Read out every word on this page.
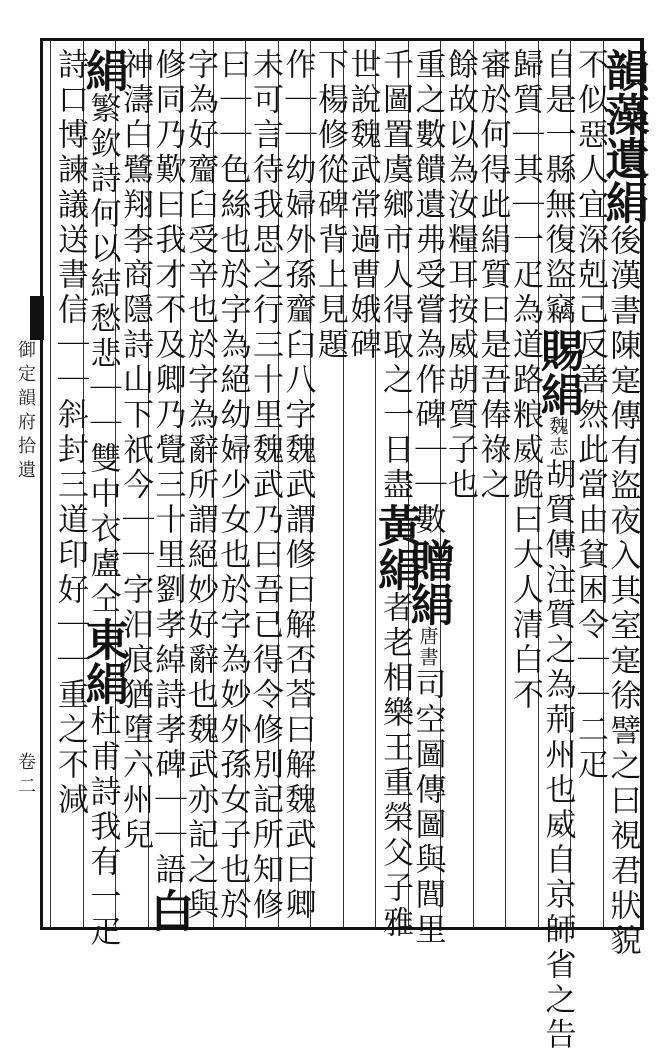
韻藻遺絹後漢書陳寔傳有盜夜入其室寔徐譬之曰視君狀貌
不似惡人宜深剋己反善然此當由貧困令｜｜二疋
自是一縣無復盜竊賜絹魏志胡質傳注質之為荊州也威自京師省之告
歸質｜其｜一疋為道路粮威跪曰大人清白不
審於何得此絹質曰是吾俸祿之
餘故以為汝糧耳按威胡質子也
重之數饋遺弗受嘗為作碑｜｜數贈絹唐書司空圖傳圖與閭里
千圖置虞鄉市人得取之一日盡黃絹者老相樂王重榮父子雅
世說魏武常過曹娥碑
下楊修從碑背上見題
作｜｜幼婦外孫齏臼八字魏武謂修曰解否荅曰解魏武曰卿
未可言待我思之行三十里魏武乃曰吾已得令修別記所知修
曰｜｜色絲也於字為絕幼婦少女也於字為妙外孫女子也於
字為好齏臼受辛也於字為辭所謂絕妙好辭也魏武亦記之與
修同乃歎曰我才不及卿乃覺三十里劉孝綽詩孝碑｜｜語白
神濤白鷺翔李商隱詩山下祇今｜｜字汨痕猶墮六州兒
絹繁欽詩何以結愁悲｜｜雙中衣盧仝東絹杜甫詩我有一疋
詩口博諫議送書信｜｜斜封三道印好｜｜重之不減
御定韻府拾遺
卷二
